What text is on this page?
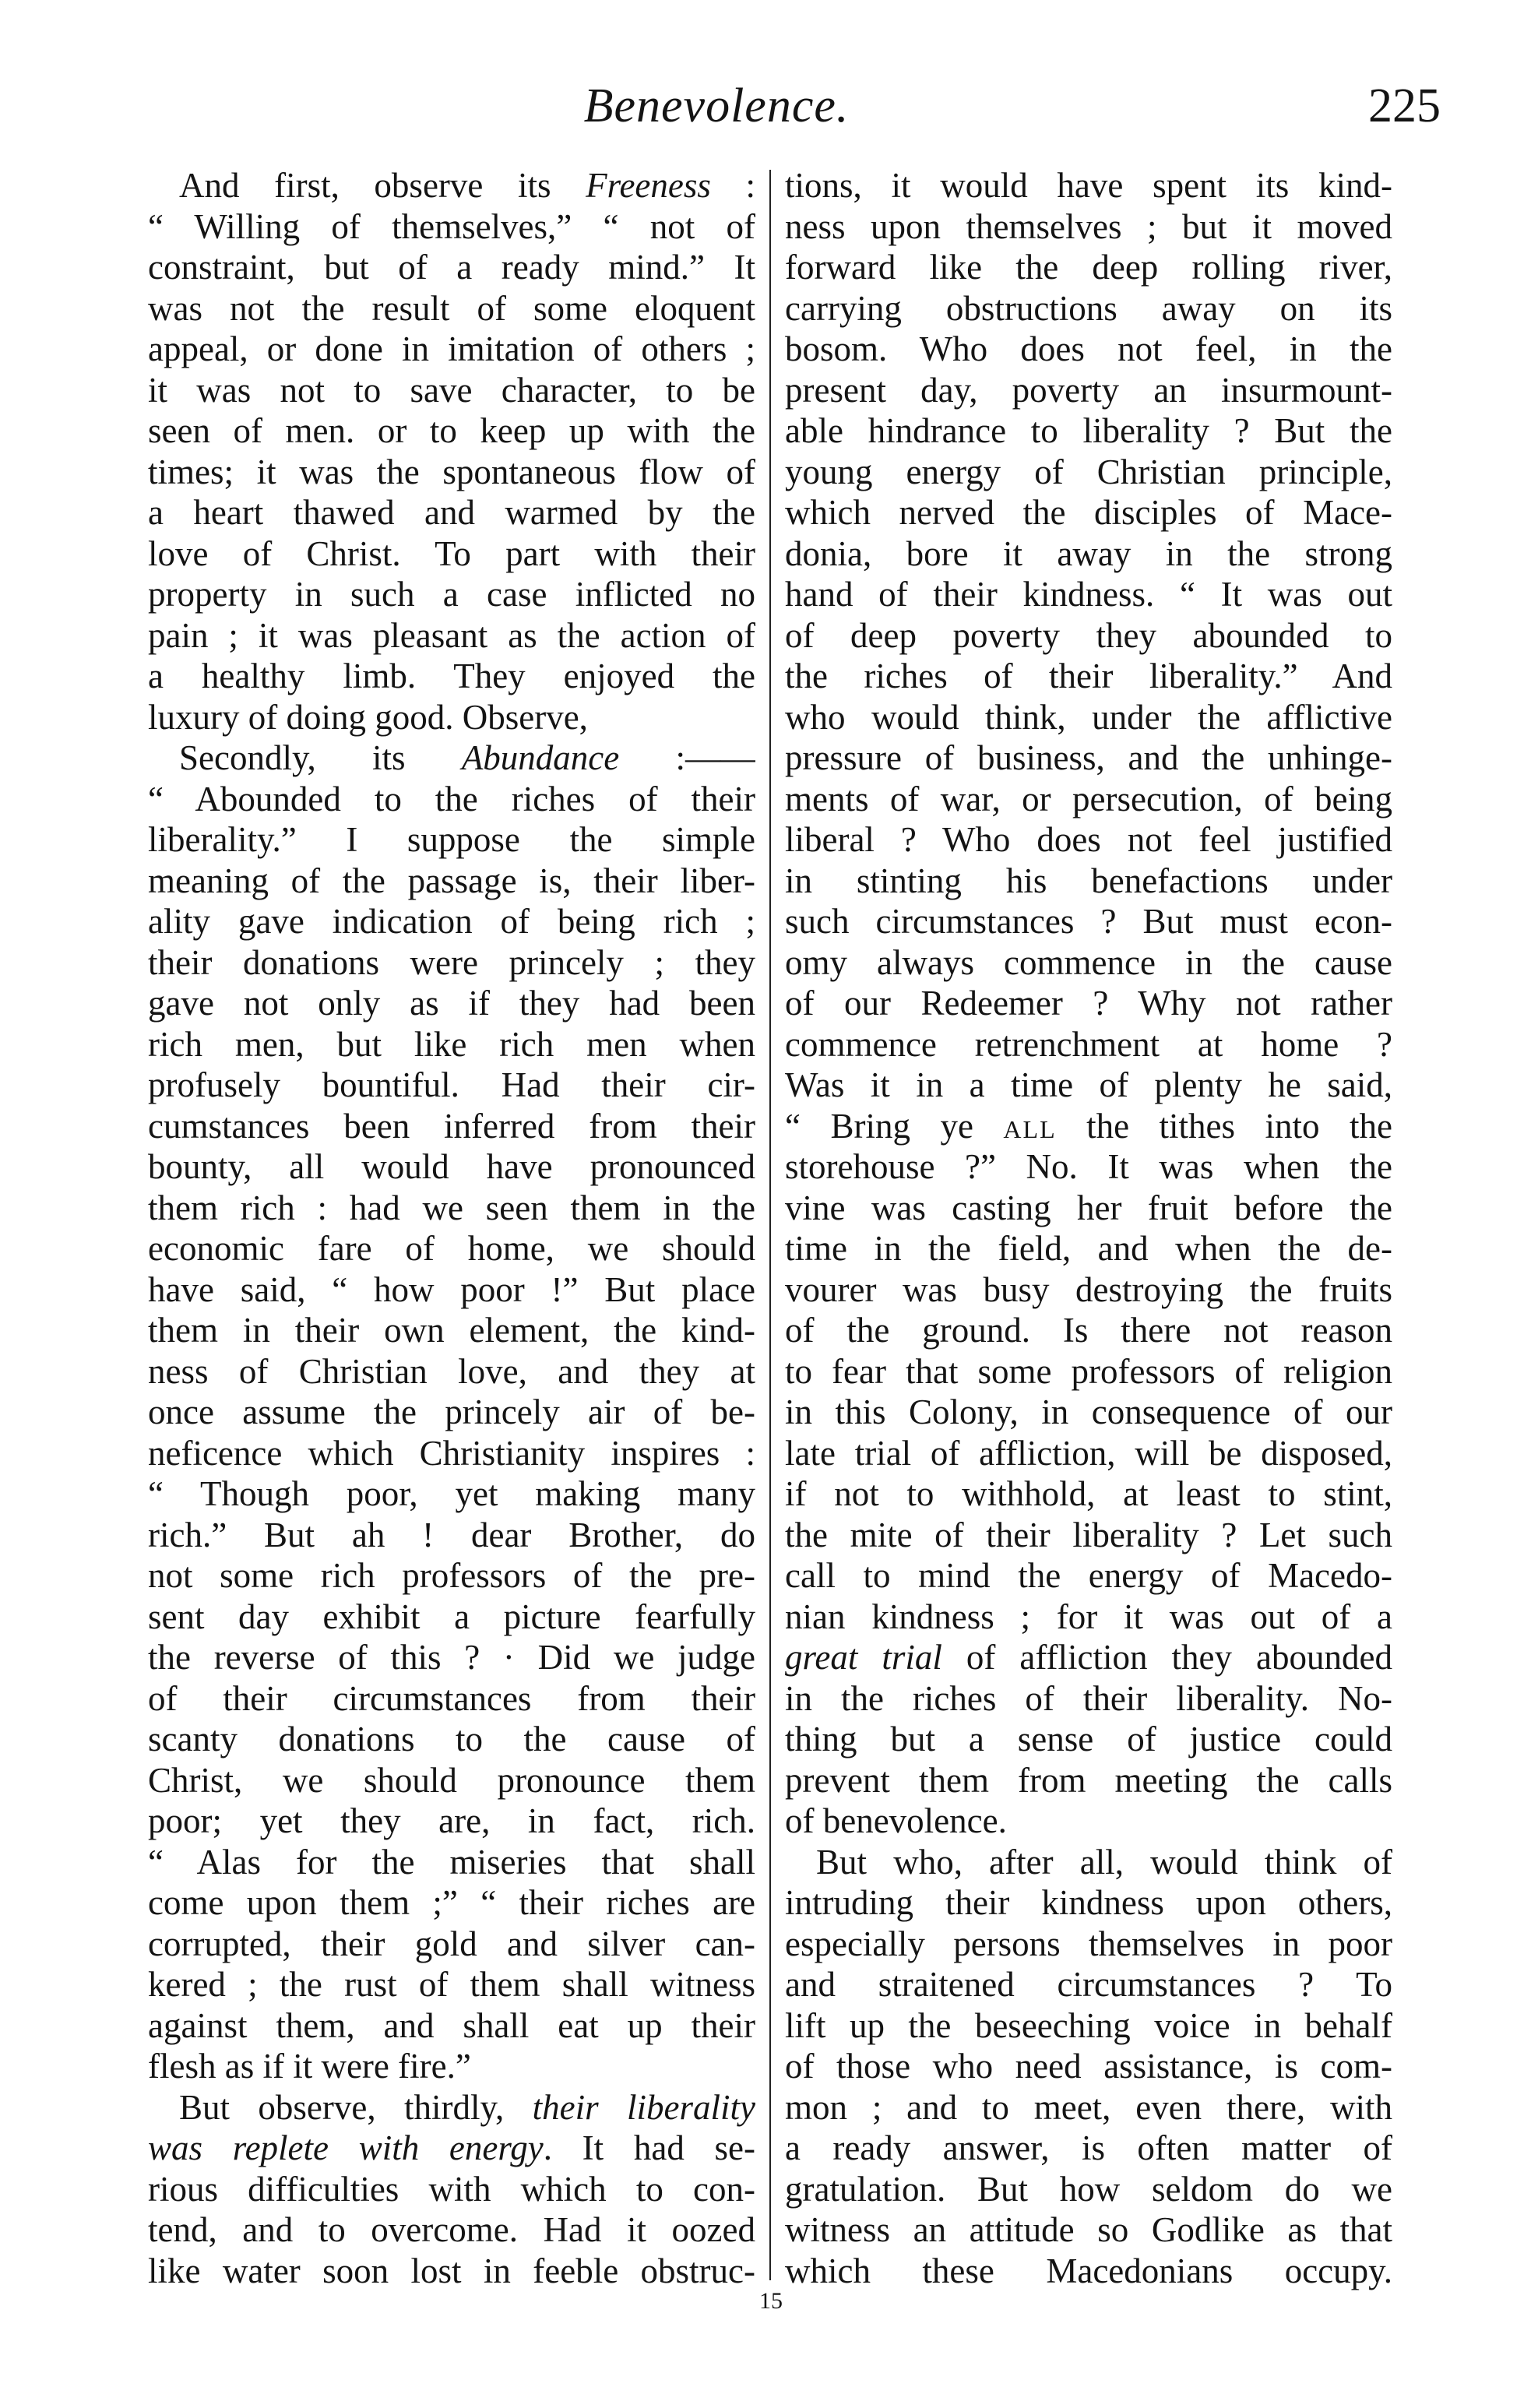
Benevolence.	225
And first, observe its Freeness :
“ Willing of themselves,” “ not of
constraint, but of a ready mind.” It
was not the result of some eloquent
appeal, or done in imitation of others ;
it was not to save character, to be
seen of men. or to keep up with the
times; it was the spontaneous flow of
a heart thawed and warmed by the
love of Christ. To part with their
property in such a case inflicted no
pain ; it was pleasant as the action of
a healthy limb. They enjoyed the
luxury of doing good. Observe,
Secondly, its Abundance :——
“ Abounded to the riches of their
liberality.” I suppose the simple
meaning of the passage is, their liber-
ality gave indication of being rich ;
their donations were princely ; they
gave not only as if they had been
rich men, but like rich men when
profusely bountiful. Had their cir-
cumstances been inferred from their
bounty, all would have pronounced
them rich : had we seen them in the
economic fare of home, we should
have said, “ how poor !” But place
them in their own element, the kind-
ness of Christian love, and they at
once assume the princely air of be-
neficence which Christianity inspires :
“ Though poor, yet making many
rich.” But ah ! dear Brother, do
not some rich professors of the pre-
sent day exhibit a picture fearfully
the reverse of this ? · Did we judge
of their circumstances from their
scanty donations to the cause of
Christ, we should pronounce them
poor; yet they are, in fact, rich.
“ Alas for the miseries that shall
come upon them ;” “ their riches are
corrupted, their gold and silver can-
kered ; the rust of them shall witness
against them, and shall eat up their
flesh as if it were fire.”
But observe, thirdly, their liberality
was replete with energy. It had se-
rious difficulties with which to con-
tend, and to overcome. Had it oozed
like water soon lost in feeble obstruc-
tions, it would have spent its kind-
ness upon themselves ; but it moved
forward like the deep rolling river,
carrying obstructions away on its
bosom. Who does not feel, in the
present day, poverty an insurmount-
able hindrance to liberality ? But the
young energy of Christian principle,
which nerved the disciples of Mace-
donia, bore it away in the strong
hand of their kindness. “ It was out
of deep poverty they abounded to
the riches of their liberality.” And
who would think, under the afflictive
pressure of business, and the unhinge-
ments of war, or persecution, of being
liberal ? Who does not feel justified
in stinting his benefactions under
such circumstances ? But must econ-
omy always commence in the cause
of our Redeemer ? Why not rather
commence retrenchment at home ?
Was it in a time of plenty he said,
“ Bring ye all the tithes into the
storehouse ?” No. It was when the
vine was casting her fruit before the
time in the field, and when the de-
vourer was busy destroying the fruits
of the ground. Is there not reason
to fear that some professors of religion
in this Colony, in consequence of our
late trial of affliction, will be disposed,
if not to withhold, at least to stint,
the mite of their liberality ? Let such
call to mind the energy of Macedo-
nian kindness ; for it was out of a
great trial of affliction they abounded
in the riches of their liberality. No-
thing but a sense of justice could
prevent them from meeting the calls
of benevolence.
But who, after all, would think of
intruding their kindness upon others,
especially persons themselves in poor
and straitened circumstances ? To
lift up the beseeching voice in behalf
of those who need assistance, is com-
mon ; and to meet, even there, with
a ready answer, is often matter of
gratulation. But how seldom do we
witness an attitude so Godlike as that
which these Macedonians occupy.
15
